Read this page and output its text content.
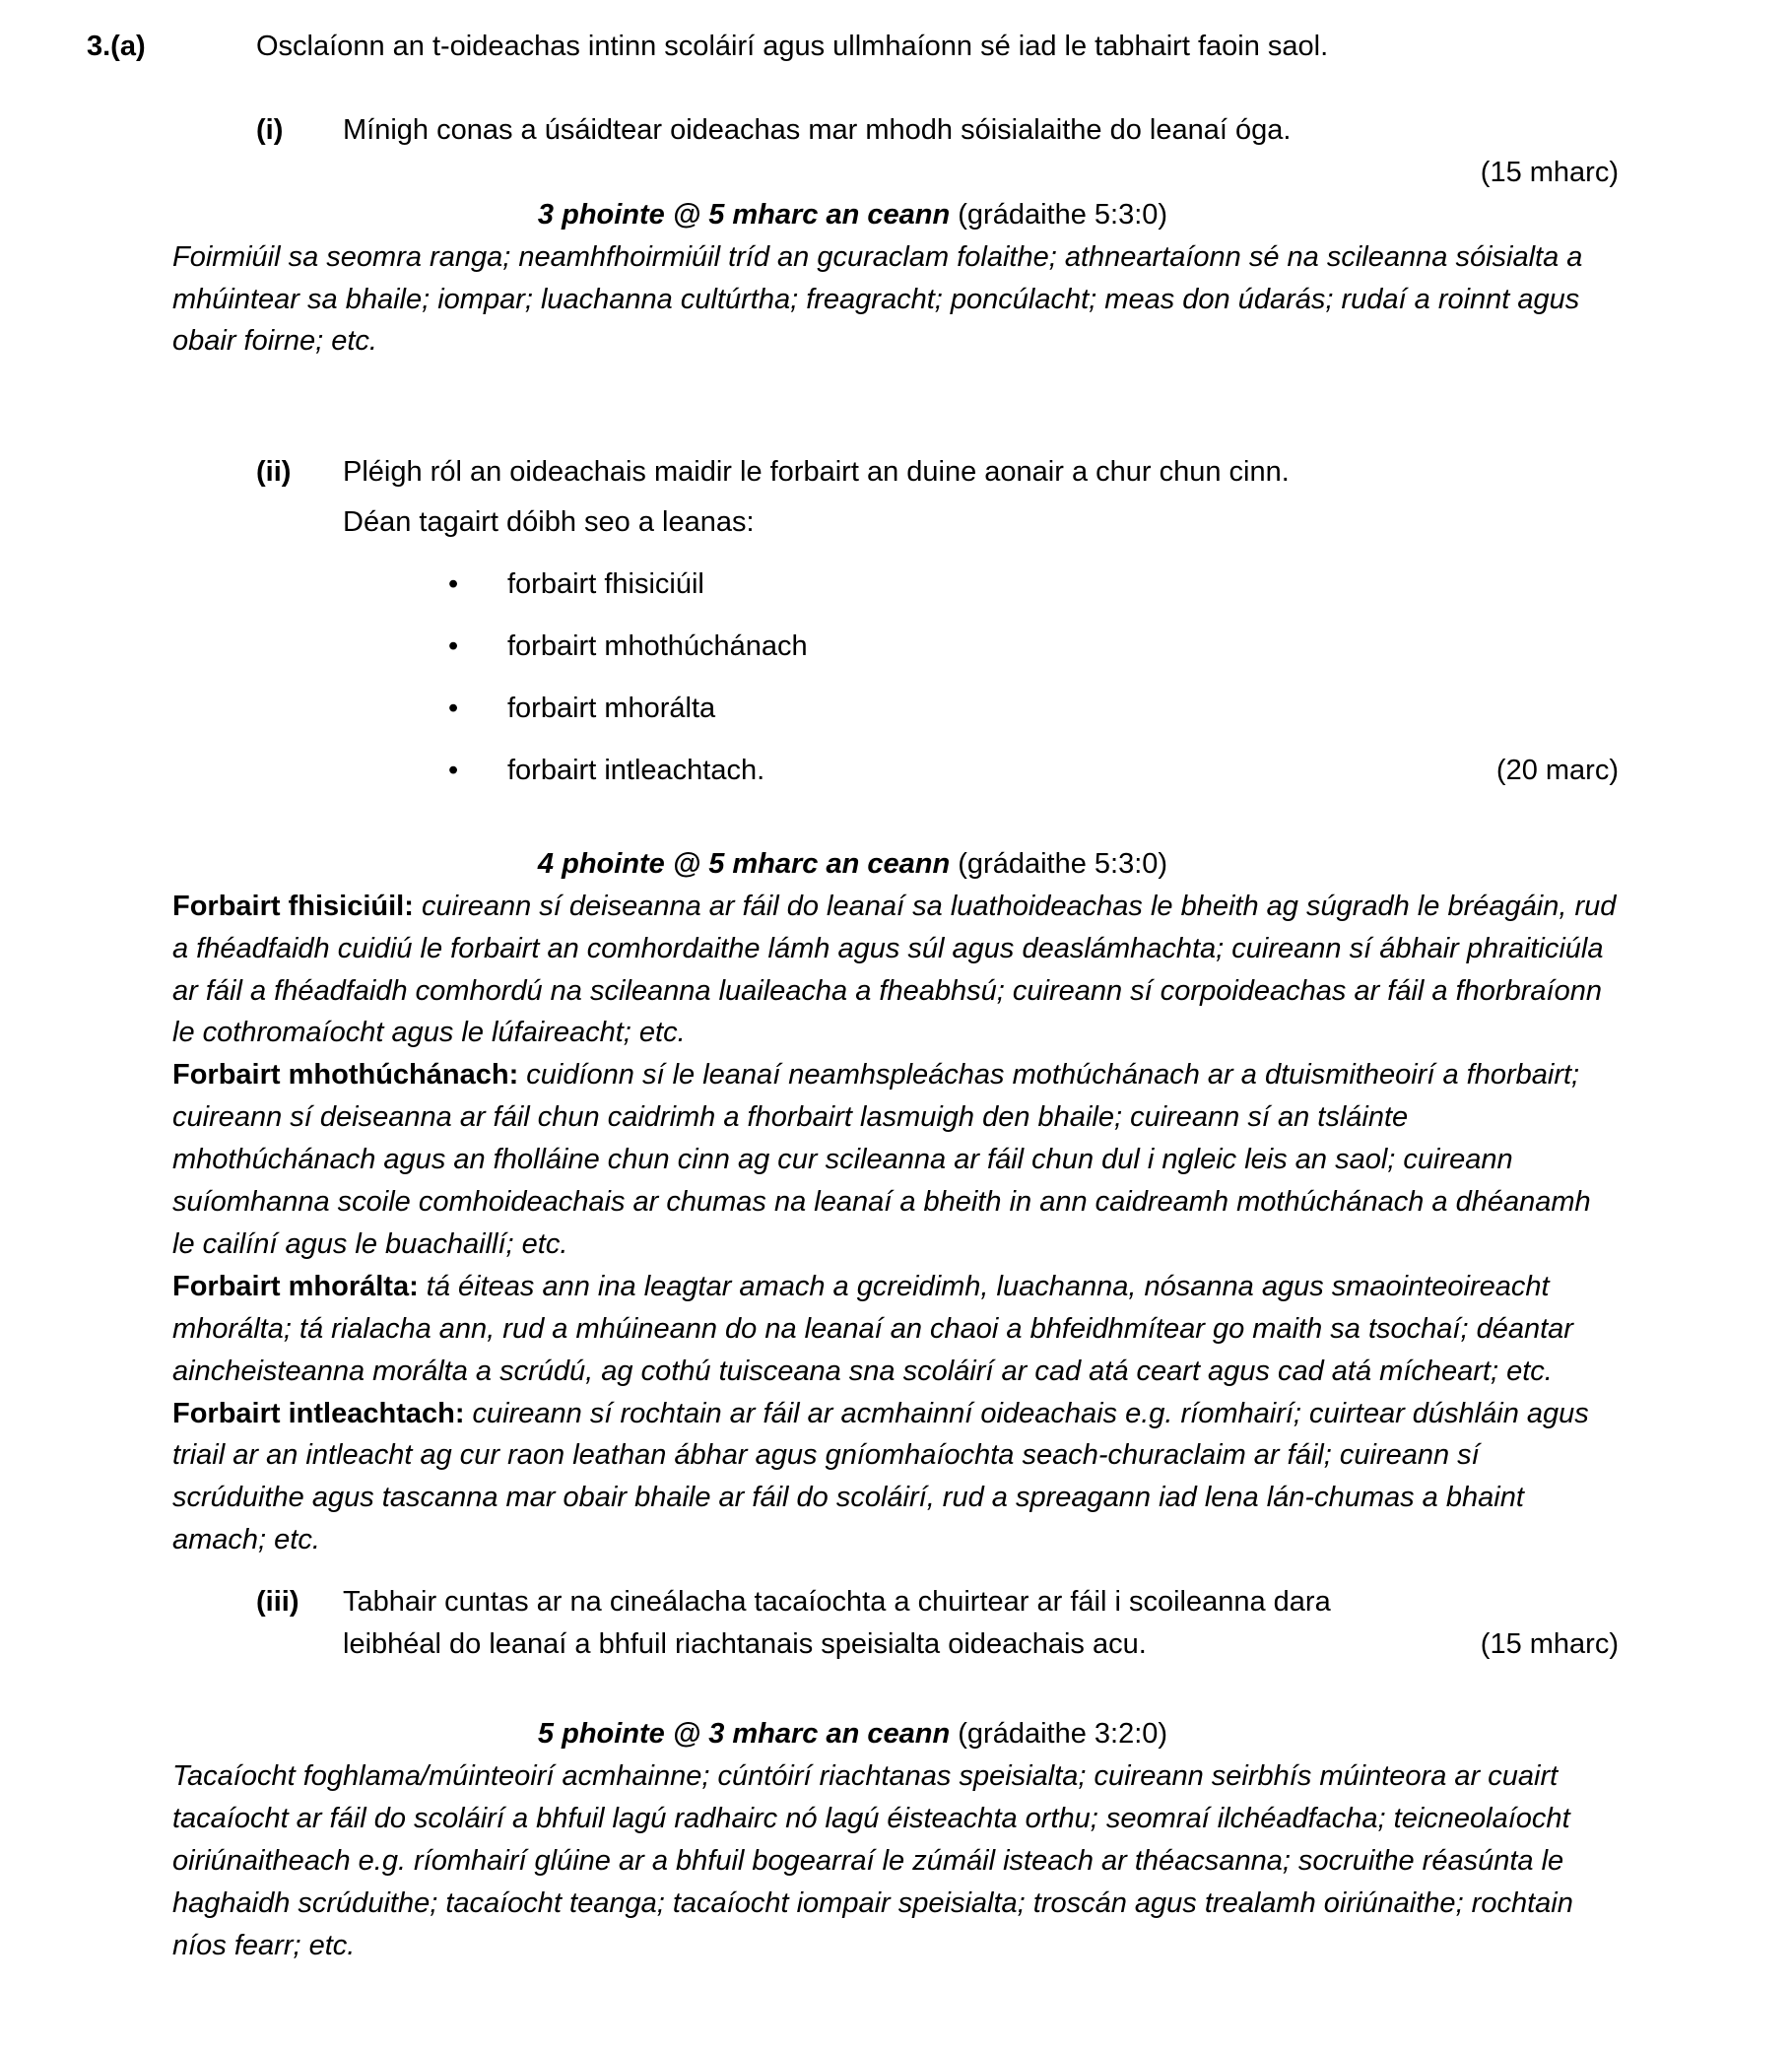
3.(a)	Osclaíonn an t-oideachas intinn scoláirí agus ullmhaíonn sé iad le tabhairt faoin saol.
(i)	Mínigh conas a úsáidtear oideachas mar mhodh sóisialaithe do leanaí óga.
(15 mharc)
3 phointe @ 5 mharc an ceann (grádaithe 5:3:0)

Foirmiúil sa seomra ranga; neamhfhoirmiúil tríd an gcuraclam folaithe; athneartaíonn sé na scileanna sóisialta a mhúintear sa bhaile; iompar; luachanna cultúrtha; freagracht; poncúlacht; meas don údarás; rudaí a roinnt agus obair foirne; etc.

(ii)	Pléigh ról an oideachais maidir le forbairt an duine aonair a chur chun cinn.
Déan tagairt dóibh seo a leanas:
•	forbairt fhisiciúil
•	forbairt mhothúchánach
•	forbairt mhorálta
•	forbairt intleachtach.	(20 marc)
4 phointe @ 5 mharc an ceann (grádaithe 5:3:0)

Forbairt fhisiciúil: cuireann sí deiseanna ar fáil do leanaí sa luathoideachas le bheith ag súgradh le bréagáin, rud a fhéadfaidh cuidiú le forbairt an comhordaithe lámh agus súl agus deaslámhachta; cuireann sí ábhair phraiticiúla ar fáil a fhéadfaidh comhordú na scileanna luaileacha a fheabhsú; cuireann sí corpoideachas ar fáil a fhorbraíonn le cothromaíocht agus le lúfaireacht; etc.

Forbairt mhothúchánach: cuidíonn sí le leanaí neamhspleáchas mothúchánach ar a dtuismitheoirí a fhorbairt; cuireann sí deiseanna ar fáil chun caidrimh a fhorbairt lasmuigh den bhaile; cuireann sí an tsláinte mhothúchánach agus an fholláine chun cinn ag cur scileanna ar fáil chun dul i ngleic leis an saol; cuireann suíomhanna scoile comhoideachais ar chumas na leanaí a bheith in ann caidreamh mothúchánach a dhéanamh le cailíní agus le buachaillí; etc.

Forbairt mhorálta: tá éiteas ann ina leagtar amach a gcreidimh, luachanna, nósanna agus smaointeoireacht mhorálta; tá rialacha ann, rud a mhúineann do na leanaí an chaoi a bhfeidhmítear go maith sa tsochaí; déantar aincheisteanna morálta a scrúdú, ag cothú tuisceana sna scoláirí ar cad atá ceart agus cad atá mícheart; etc.

Forbairt intleachtach: cuireann sí rochtain ar fáil ar acmhainní oideachais e.g. ríomhairí; cuirtear dúshláin agus triail ar an intleacht ag cur raon leathan ábhar agus gníomhaíochta seach-churaclaim ar fáil; cuireann sí scrúduithe agus tascanna mar obair bhaile ar fáil do scoláirí, rud a spreagann iad lena lán-chumas a bhaint amach; etc.

(iii)	Tabhair cuntas ar na cineálacha tacaíochta a chuirtear ar fáil i scoileanna dara leibhéal do leanaí a bhfuil riachtanais speisialta oideachais acu.	(15 mharc)
5 phointe @ 3 mharc an ceann (grádaithe 3:2:0)

Tacaíocht foghlama/múinteoirí acmhainne; cúntóirí riachtanas speisialta; cuireann seirbhís múinteora ar cuairt tacaíocht ar fáil do scoláirí a bhfuil lagú radhairc nó lagú éisteachta orthu; seomraí ilchéadfacha; teicneolaíocht oiriúnaitheach e.g. ríomhairí glúine ar a bhfuil bogearraí le zúmáil isteach ar théacsanna; socruithe réasúnta le haghaidh scrúduithe; tacaíocht teanga; tacaíocht iompair speisialta; troscán agus trealamh oiriúnaithe; rochtain níos fearr; etc.
